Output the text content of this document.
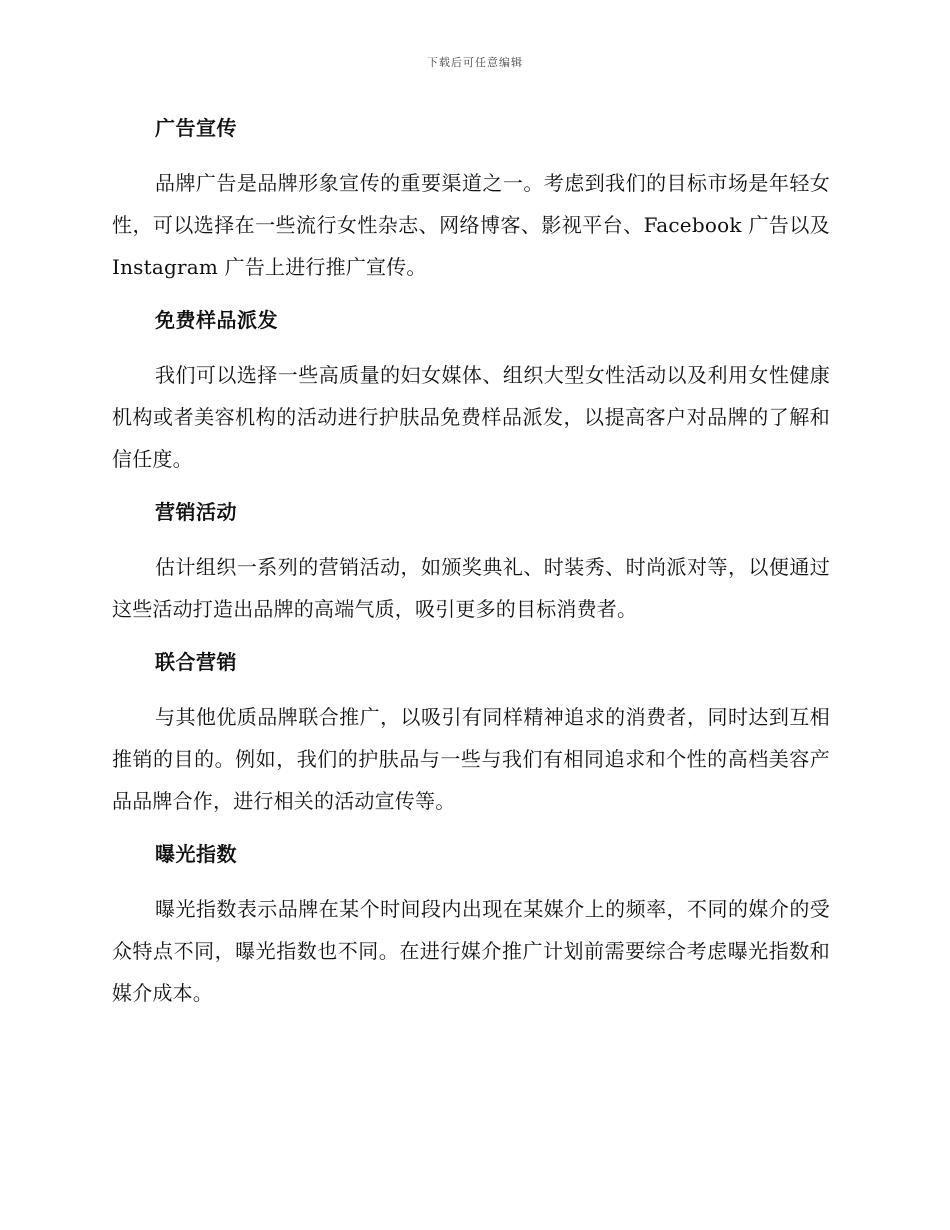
下载后可任意编辑
广告宣传

品牌广告是品牌形象宣传的重要渠道之一。考虑到我们的目标市场是年轻女性，可以选择在一些流行女性杂志、网络博客、影视平台、Facebook 广告以及 Instagram 广告上进行推广宣传。

免费样品派发

我们可以选择一些高质量的妇女媒体、组织大型女性活动以及利用女性健康机构或者美容机构的活动进行护肤品免费样品派发，以提高客户对品牌的了解和信任度。

营销活动

估计组织一系列的营销活动，如颁奖典礼、时装秀、时尚派对等，以便通过这些活动打造出品牌的高端气质，吸引更多的目标消费者。

联合营销

与其他优质品牌联合推广，以吸引有同样精神追求的消费者，同时达到互相推销的目的。例如，我们的护肤品与一些与我们有相同追求和个性的高档美容产品品牌合作，进行相关的活动宣传等。

曝光指数

曝光指数表示品牌在某个时间段内出现在某媒介上的频率，不同的媒介的受众特点不同，曝光指数也不同。在进行媒介推广计划前需要综合考虑曝光指数和媒介成本。
